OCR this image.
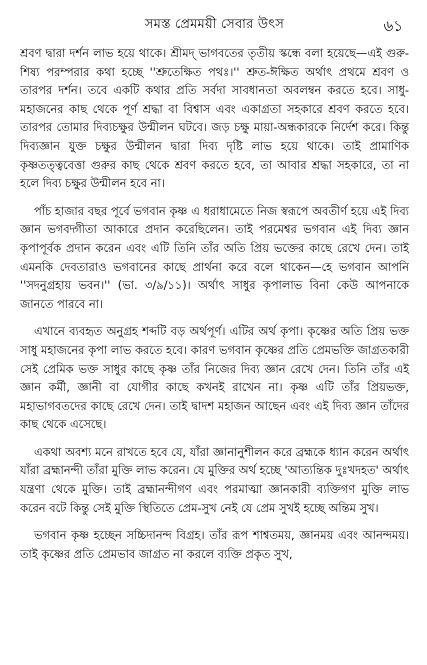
সমস্ত প্রেমময়ী সেবার উৎস	৬১

শ্রবণ দ্বারা দর্শন লাভ হয়ে থাকে। শ্রীমদ্ ভাগবতের তৃতীয় স্কন্ধে বলা হয়েছে—এই গুরু-শিষ্য পরম্পরার কথা হচ্ছে ''শ্রুতেক্ষিত পথঃ।'' শ্রুত-ঈক্ষিত অর্থাৎ প্রথমে শ্রবণ ও তারপর দর্শন। তবে একটি কথার প্রতি সর্বদা সাবধানতা অবলম্বন করতে হবে। সাধু-মহাজনের কাছ থেকে পূর্ণ শ্রদ্ধা বা বিশ্বাস এবং একাগ্রতা সহকারে শ্রবণ করতে হবে। তারপর তোমার দিব্যচক্ষুর উন্মীলন ঘটবে। জড় চক্ষু মায়া-অন্ধকারকে নির্দেশ করে। কিন্তু দিব্যজ্ঞান যুক্ত চক্ষুর উন্মীলন দ্বারা দিব্য দৃষ্টি লাভ হয়ে থাকে। তাই প্রামাণিক কৃষ্ণতত্ত্ববেত্তা গুরুর কাছ থেকে শ্রবণ করতে হবে, তা আবার শ্রদ্ধা সহকারে, তা না হলে দিব্য চক্ষুর উন্মীলন হবে না।

পাঁচ হাজার বছর পূর্বে ভগবান কৃষ্ণ এ ধরাধামেতে নিজ স্বরূপে অবতীর্ণ হয়ে এই দিব্য জ্ঞান ভগবদ্গীতা আকারে প্রদান করেছিলেন। তাই পরমেশ্বর ভগবান এই দিব্য জ্ঞান কৃপাপূর্বক প্রদান করেন এবং এটি তিনি তাঁর অতি প্রিয় ভক্তের কাছে রেখে দেন। তাই এমনকি দেবতারাও ভগবানের কাছে প্রার্থনা করে বলে থাকেন—হে ভগবান আপনি ''সদনুগ্রহায় ভবন।'' (ভা. ৩/৯/১১)। অর্থাৎ সাধুর কৃপালাভ বিনা কেউ আপনাকে জানতে পারবে না।

এখানে ব্যবহৃত অনুগ্রহ শব্দটি বড় অর্থপূর্ণ। এটির অর্থ কৃপা। কৃষ্ণের অতি প্রিয় ভক্ত সাধু মহাজনের কৃপা লাভ করতে হবে। কারণ ভগবান কৃষ্ণের প্রতি প্রেমভক্তি জাগ্রতকারী সেই প্রেমিক ভক্ত সাধুর কাছে কৃষ্ণ তাঁর নিজের দিব্য জ্ঞান রেখে দেন। তিনি তাঁর এই জ্ঞান কর্মী, জ্ঞানী বা যোগীর কাছে কখনই রাখেন না। কৃষ্ণ এটি তাঁর প্রিয়ভক্ত, মহাভাগবতদের কাছে রেখে দেন। তাই দ্বাদশ মহাজন আছেন এবং এই দিব্য জ্ঞান তাঁদের কাছ থেকে এসেছে।

একথা অবশ্য মনে রাখতে হবে যে, যাঁরা জ্ঞানানুশীলন করে ব্রহ্মকে ধ্যান করেন অর্থাৎ যাঁরা ব্রহ্মানন্দী তাঁরা মুক্তি লাভ করেন। যে মুক্তির অর্থ হচ্ছে 'আত্যন্তিক দুঃখদহত' অর্থাৎ যন্ত্রণা থেকে মুক্তি। তাই ব্রহ্মানন্দীগণ এবং পরমাত্মা জ্ঞানকারী ব্যক্তিগণ মুক্তি লাভ করেন বটে কিন্তু সেই মুক্তি স্থিতিতে প্রেম-সুখ নেই যে প্রেম সুখই হচ্ছে অন্তিম সুখ।

ভগবান কৃষ্ণ হচ্ছেন সচ্চিদানন্দ বিগ্রহ। তাঁর রূপ শাশ্বতময়, জ্ঞানময় এবং আনন্দময়। তাই কৃষ্ণের প্রতি প্রেমভাব জাগ্রত না করলে ব্যক্তি প্রকৃত সুখ,
